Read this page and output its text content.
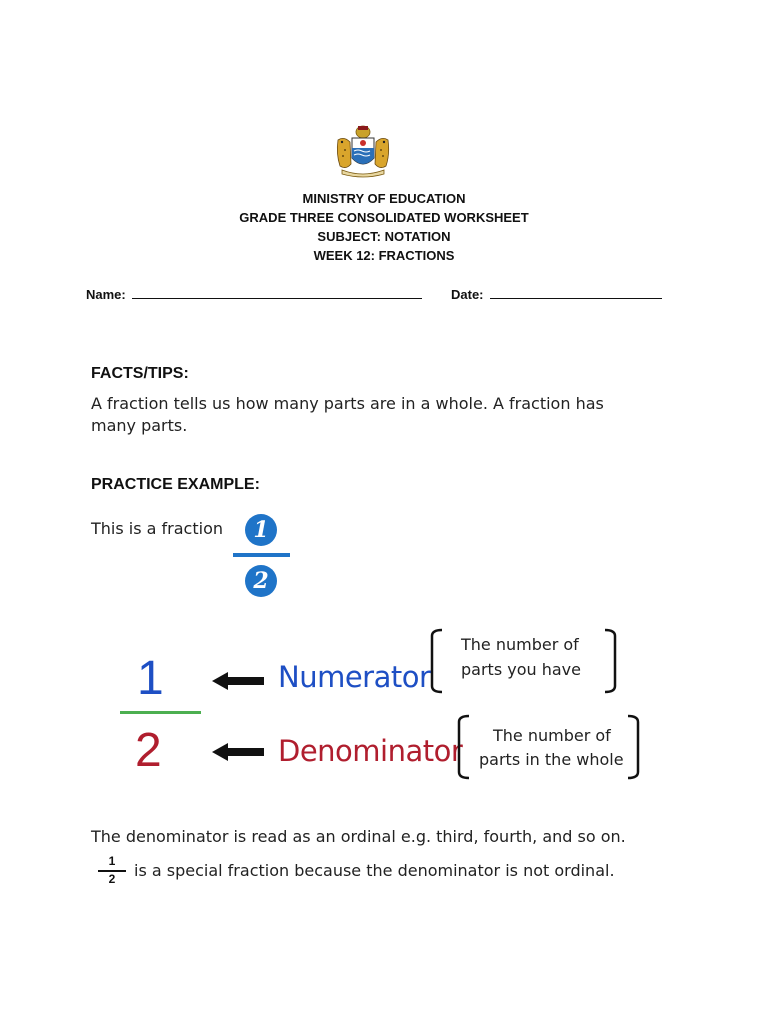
MINISTRY OF EDUCATION
GRADE THREE CONSOLIDATED WORKSHEET
SUBJECT: NOTATION
WEEK 12: FRACTIONS
Name:	Date:
FACTS/TIPS:
A fraction tells us how many parts are in a whole. A fraction has
many parts.
PRACTICE EXAMPLE:
This is a fraction	1
2
1
2
Numerator
Denominator
The number of
parts you have
The number of
parts in the whole
The denominator is read as an ordinal e.g. third, fourth, and so on.
1
2	is a special fraction because the denominator is not ordinal.
